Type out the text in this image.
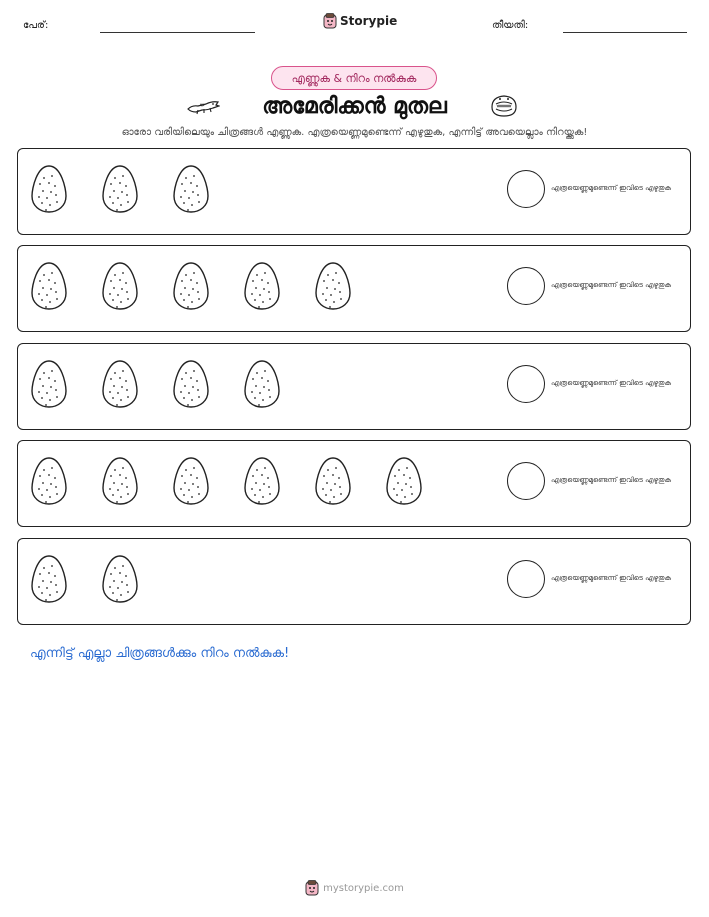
പേര്:	Storypie	തീയതി:
എണ്ണുക & നിറം നൽകുക
അമേരിക്കൻ മുതല
ഓരോ വരിയിലെയും ചിത്രങ്ങൾ എണ്ണുക. എത്രയെണ്ണമുണ്ടെന്ന് എഴുതുക, എന്നിട്ട് അവയെല്ലാം നിറയ്ക്കുക!
എത്രയെണ്ണമുണ്ടെന്ന് ഇവിടെ എഴുതുക
എത്രയെണ്ണമുണ്ടെന്ന് ഇവിടെ എഴുതുക
എത്രയെണ്ണമുണ്ടെന്ന് ഇവിടെ എഴുതുക
എത്രയെണ്ണമുണ്ടെന്ന് ഇവിടെ എഴുതുക
എത്രയെണ്ണമുണ്ടെന്ന് ഇവിടെ എഴുതുക
എന്നിട്ട് എല്ലാ ചിത്രങ്ങൾക്കും നിറം നൽകുക!
mystorypie.com
